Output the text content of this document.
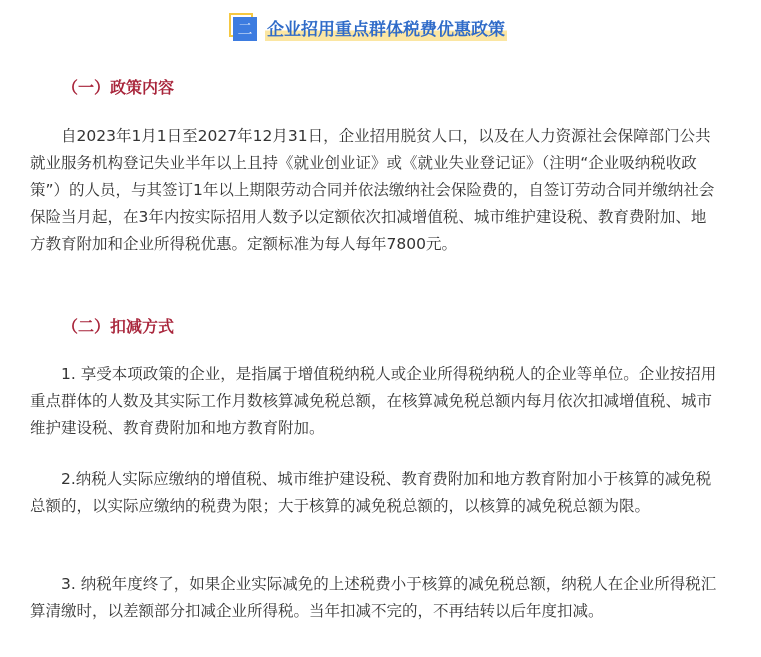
二 企业招用重点群体税费优惠政策
（一）政策内容

自2023年1月1日至2027年12月31日，企业招用脱贫人口，以及在人力资源社会保障部门公共就业服务机构登记失业半年以上且持《就业创业证》或《就业失业登记证》（注明“企业吸纳税收政策”）的人员，与其签订1年以上期限劳动合同并依法缴纳社会保险费的，自签订劳动合同并缴纳社会保险当月起，在3年内按实际招用人数予以定额依次扣减增值税、城市维护建设税、教育费附加、地方教育附加和企业所得税优惠。定额标准为每人每年7800元。

（二）扣减方式

1. 享受本项政策的企业，是指属于增值税纳税人或企业所得税纳税人的企业等单位。企业按招用重点群体的人数及其实际工作月数核算减免税总额，在核算减免税总额内每月依次扣减增值税、城市维护建设税、教育费附加和地方教育附加。

2.纳税人实际应缴纳的增值税、城市维护建设税、教育费附加和地方教育附加小于核算的减免税总额的，以实际应缴纳的税费为限；大于核算的减免税总额的，以核算的减免税总额为限。

3. 纳税年度终了，如果企业实际减免的上述税费小于核算的减免税总额，纳税人在企业所得税汇算清缴时，以差额部分扣减企业所得税。当年扣减不完的，不再结转以后年度扣减。
